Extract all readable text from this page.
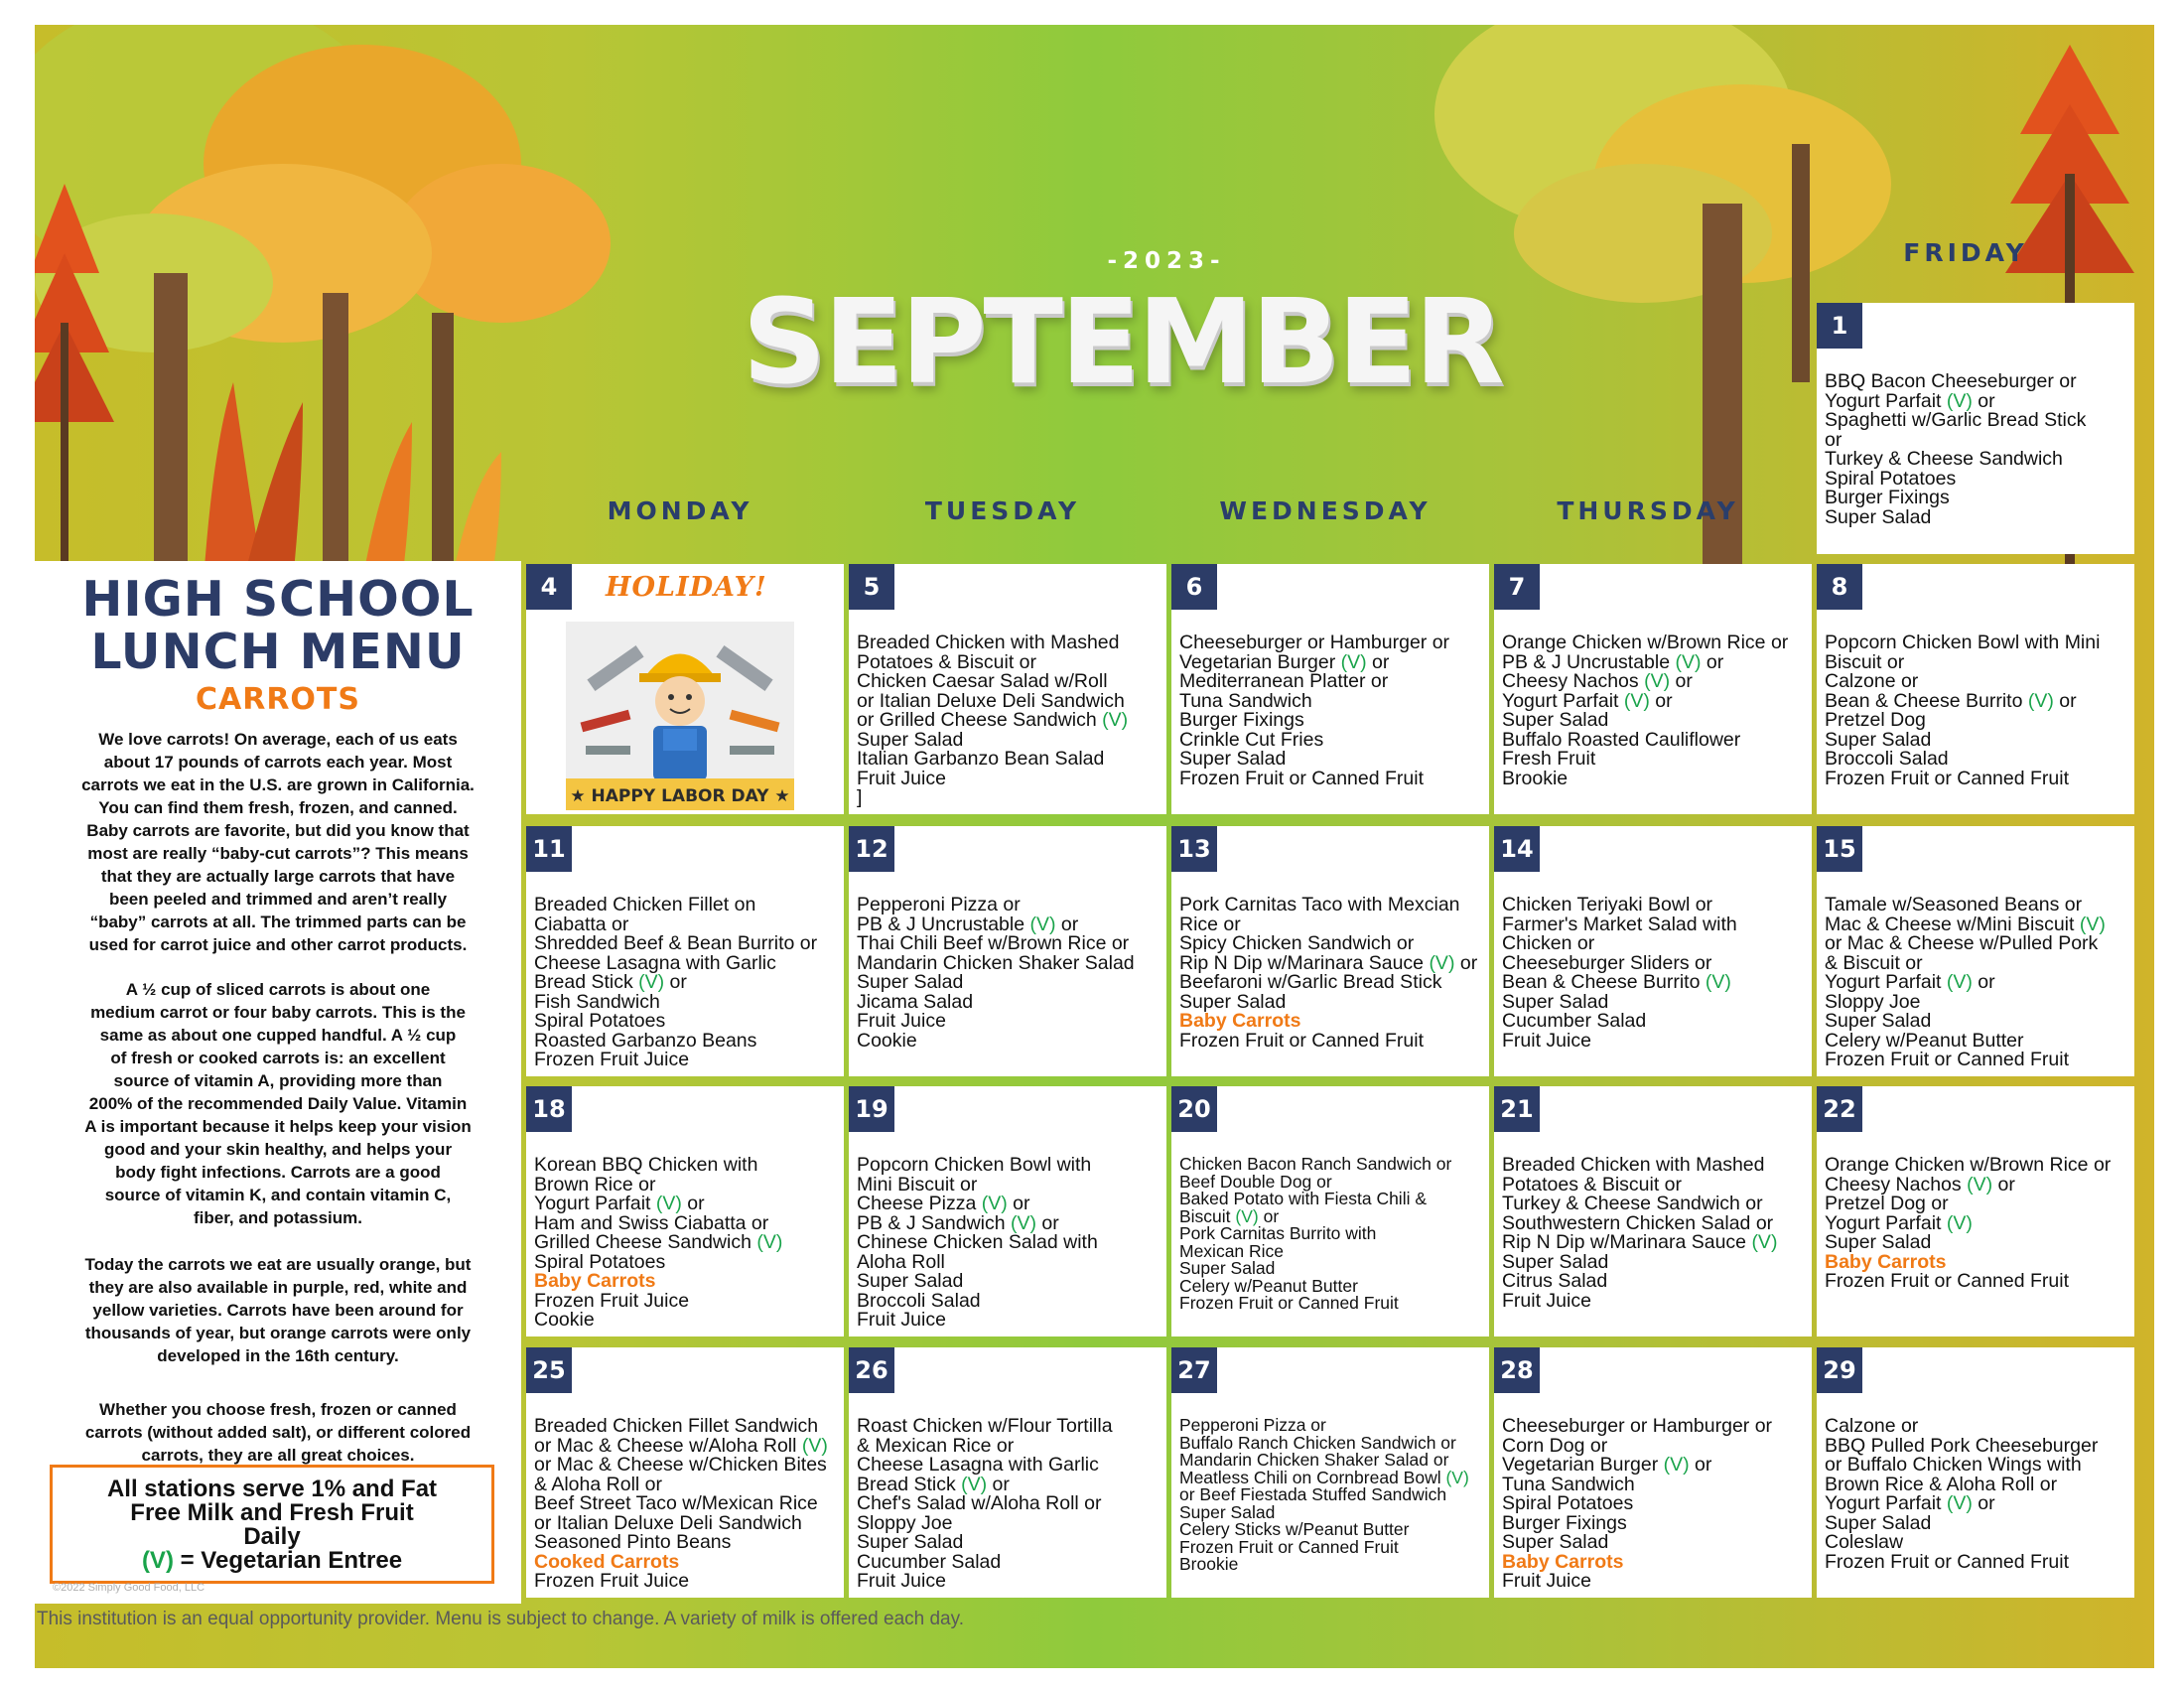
-2023-
SEPTEMBER
MONDAY	TUESDAY	WEDNESDAY	THURSDAY
FRIDAY
HIGH SCHOOL
LUNCH MENU
CARROTS
We love carrots! On average, each of us eats
about 17 pounds of carrots each year. Most
carrots we eat in the U.S. are grown in California.
You can find them fresh, frozen, and canned.
Baby carrots are favorite, but did you know that
most are really “baby-cut carrots”? This means
that they are actually large carrots that have
been peeled and trimmed and aren’t really
“baby” carrots at all. The trimmed parts can be
used for carrot juice and other carrot products.
A ½ cup of sliced carrots is about one
medium carrot or four baby carrots. This is the
same as about one cupped handful. A ½ cup
of fresh or cooked carrots is: an excellent
source of vitamin A, providing more than
200% of the recommended Daily Value. Vitamin
A is important because it helps keep your vision
good and your skin healthy, and helps your
body fight infections. Carrots are a good
source of vitamin K, and contain vitamin C,
fiber, and potassium.
Today the carrots we eat are usually orange, but
they are also available in purple, red, white and
yellow varieties. Carrots have been around for
thousands of year, but orange carrots were only
developed in the 16th century.
Whether you choose fresh, frozen or canned
carrots (without added salt), or different colored
carrots, they are all great choices.
All stations serve 1% and Fat
Free Milk and Fresh Fruit
Daily
(V) = Vegetarian Entree
©2022 Simply Good Food, LLC
4	HOLIDAY!
★ HAPPY LABOR DAY ★
1
BBQ Bacon Cheeseburger or
Yogurt Parfait (V) or
Spaghetti w/Garlic Bread Stick
or
Turkey & Cheese Sandwich
Spiral Potatoes
Burger Fixings
Super Salad
5
Breaded Chicken with Mashed
Potatoes & Biscuit or
Chicken Caesar Salad w/Roll
or Italian Deluxe Deli Sandwich
or Grilled Cheese Sandwich (V)
Super Salad
Italian Garbanzo Bean Salad
Fruit Juice
]
6
Cheeseburger or Hamburger or
Vegetarian Burger (V) or
Mediterranean Platter or
Tuna Sandwich
Burger Fixings
Crinkle Cut Fries
Super Salad
Frozen Fruit or Canned Fruit
7
Orange Chicken w/Brown Rice or
PB & J Uncrustable (V) or
Cheesy Nachos (V) or
Yogurt Parfait (V) or
Super Salad
Buffalo Roasted Cauliflower
Fresh Fruit
Brookie
8
Popcorn Chicken Bowl with Mini
Biscuit or
Calzone or
Bean & Cheese Burrito (V) or
Pretzel Dog
Super Salad
Broccoli Salad
Frozen Fruit or Canned Fruit
11
Breaded Chicken Fillet on
Ciabatta or
Shredded Beef & Bean Burrito or
Cheese Lasagna with Garlic
Bread Stick (V) or
Fish Sandwich
Spiral Potatoes
Roasted Garbanzo Beans
Frozen Fruit Juice
12
Pepperoni Pizza or
PB & J Uncrustable (V) or
Thai Chili Beef w/Brown Rice or
Mandarin Chicken Shaker Salad
Super Salad
Jicama Salad
Fruit Juice
Cookie
13
Pork Carnitas Taco with Mexcian
Rice or
Spicy Chicken Sandwich or
Rip N Dip w/Marinara Sauce (V) or
Beefaroni w/Garlic Bread Stick
Super Salad
Baby Carrots
Frozen Fruit or Canned Fruit
14
Chicken Teriyaki Bowl or
Farmer's Market Salad with
Chicken or
Cheeseburger Sliders or
Bean & Cheese Burrito (V)
Super Salad
Cucumber Salad
Fruit Juice
15
Tamale w/Seasoned Beans or
Mac & Cheese w/Mini Biscuit (V)
or Mac & Cheese w/Pulled Pork
& Biscuit or
Yogurt Parfait (V) or
Sloppy Joe
Super Salad
Celery w/Peanut Butter
Frozen Fruit or Canned Fruit
18
Korean BBQ Chicken with
Brown Rice or
Yogurt Parfait (V) or
Ham and Swiss Ciabatta or
Grilled Cheese Sandwich (V)
Spiral Potatoes
Baby Carrots
Frozen Fruit Juice
Cookie
19
Popcorn Chicken Bowl with
Mini Biscuit or
Cheese Pizza (V) or
PB & J Sandwich (V) or
Chinese Chicken Salad with
Aloha Roll
Super Salad
Broccoli Salad
Fruit Juice
20
Chicken Bacon Ranch Sandwich or
Beef Double Dog or
Baked Potato with Fiesta Chili &
Biscuit (V) or
Pork Carnitas Burrito with
Mexican Rice
Super Salad
Celery w/Peanut Butter
Frozen Fruit or Canned Fruit
21
Breaded Chicken with Mashed
Potatoes & Biscuit or
Turkey & Cheese Sandwich or
Southwestern Chicken Salad or
Rip N Dip w/Marinara Sauce (V)
Super Salad
Citrus Salad
Fruit Juice
22
Orange Chicken w/Brown Rice or
Cheesy Nachos (V) or
Pretzel Dog or
Yogurt Parfait (V)
Super Salad
Baby Carrots
Frozen Fruit or Canned Fruit
25
Breaded Chicken Fillet Sandwich
or Mac & Cheese w/Aloha Roll (V)
or Mac & Cheese w/Chicken Bites
& Aloha Roll or
Beef Street Taco w/Mexican Rice
or Italian Deluxe Deli Sandwich
Seasoned Pinto Beans
Cooked Carrots
Frozen Fruit Juice
26
Roast Chicken w/Flour Tortilla
& Mexican Rice or
Cheese Lasagna with Garlic
Bread Stick (V) or
Chef's Salad w/Aloha Roll or
Sloppy Joe
Super Salad
Cucumber Salad
Fruit Juice
27
Pepperoni Pizza or
Buffalo Ranch Chicken Sandwich or
Mandarin Chicken Shaker Salad or
Meatless Chili on Cornbread Bowl (V)
or Beef Fiestada Stuffed Sandwich
Super Salad
Celery Sticks w/Peanut Butter
Frozen Fruit or Canned Fruit
Brookie
28
Cheeseburger or Hamburger or
Corn Dog or
Vegetarian Burger (V) or
Tuna Sandwich
Spiral Potatoes
Burger Fixings
Super Salad
Baby Carrots
Fruit Juice
29
Calzone or
BBQ Pulled Pork Cheeseburger
or Buffalo Chicken Wings with
Brown Rice & Aloha Roll or
Yogurt Parfait (V) or
Super Salad
Coleslaw
Frozen Fruit or Canned Fruit
This institution is an equal opportunity provider. Menu is subject to change. A variety of milk is offered each day.
